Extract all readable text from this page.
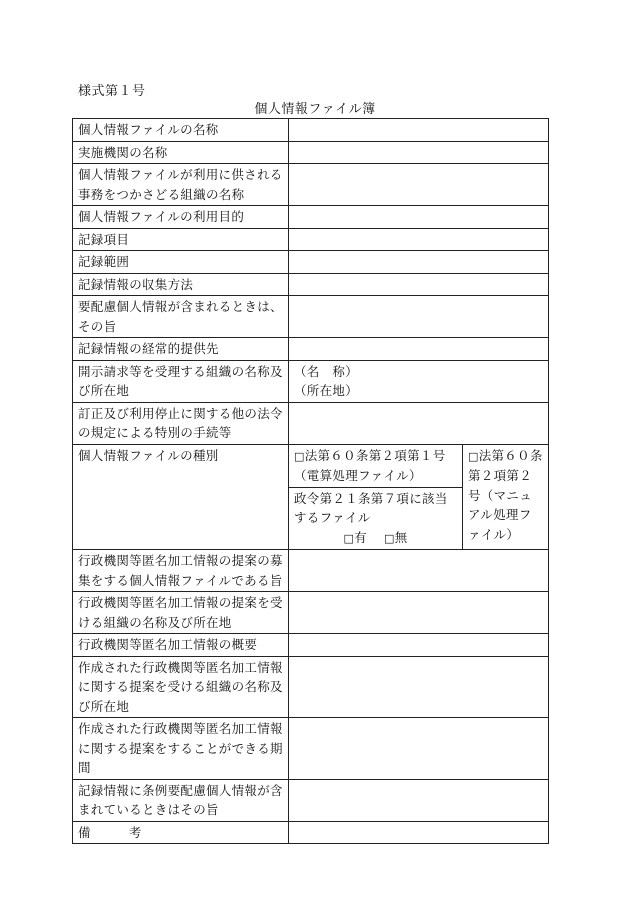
様式第１号
個人情報ファイル簿
個人情報ファイルの名称		
実施機関の名称		
個人情報ファイルが利用に供される事務をつかさどる組織の名称		
個人情報ファイルの利用目的		
記録項目		
記録範囲		
記録情報の収集方法		
要配慮個人情報が含まれるときは、その旨		
記録情報の経常的提供先		
開示請求等を受理する組織の名称及び所在地	（名　称）
（所在地）	

訂正及び利用停止に関する他の法令の規定による特別の手続等		
個人情報ファイルの種別	□法第６０条第２項第１号（電算処理ファイル）	□法第６０条第２項第２号（マニュアル処理ファイル）

	政令第２１条第７項に該当するファイル
□有 □無	

行政機関等匿名加工情報の提案の募集をする個人情報ファイルである旨		
行政機関等匿名加工情報の提案を受ける組織の名称及び所在地		
行政機関等匿名加工情報の概要		
作成された行政機関等匿名加工情報に関する提案を受ける組織の名称及び所在地		
作成された行政機関等匿名加工情報に関する提案をすることができる期間		
記録情報に条例要配慮個人情報が含まれているときはその旨		
備 考		
